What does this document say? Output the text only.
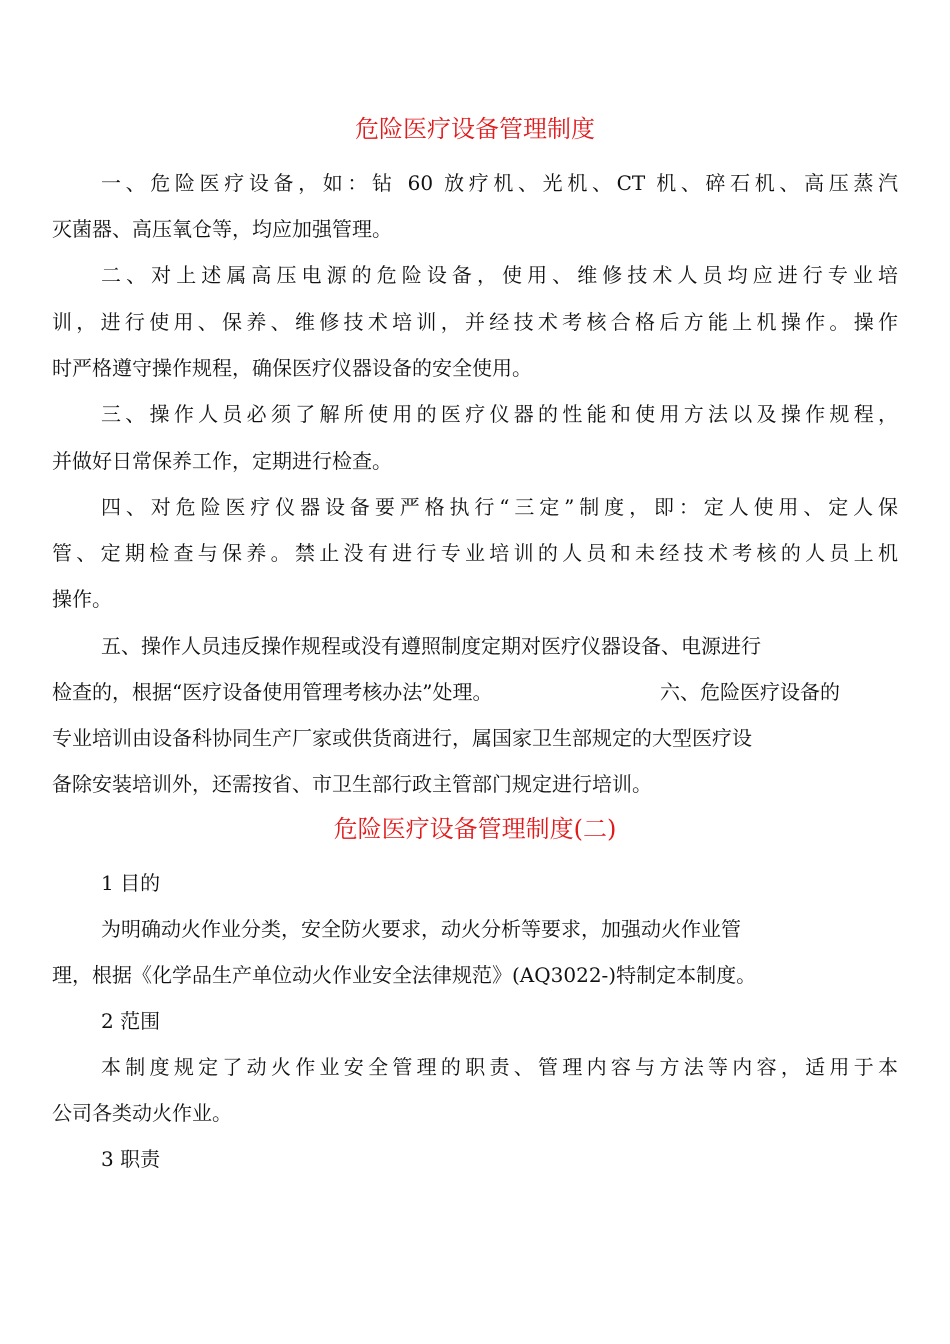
危险医疗设备管理制度
一、危险医疗设备，如：钻 60 放疗机、光机、CT 机、碎石机、高压蒸汽
灭菌器、高压氧仓等，均应加强管理。
二、对上述属高压电源的危险设备，使用、维修技术人员均应进行专业培
训，进行使用、保养、维修技术培训，并经技术考核合格后方能上机操作。操作
时严格遵守操作规程，确保医疗仪器设备的安全使用。
三、操作人员必须了解所使用的医疗仪器的性能和使用方法以及操作规程，
并做好日常保养工作，定期进行检查。
四、对危险医疗仪器设备要严格执行“三定”制度，即：定人使用、定人保
管、定期检查与保养。禁止没有进行专业培训的人员和未经技术考核的人员上机
操作。
五、操作人员违反操作规程或没有遵照制度定期对医疗仪器设备、电源进行
检查的，根据“医疗设备使用管理考核办法”处理。	六、危险医疗设备的
专业培训由设备科协同生产厂家或供货商进行，属国家卫生部规定的大型医疗设
备除安装培训外，还需按省、市卫生部行政主管部门规定进行培训。
危险医疗设备管理制度(二)
1 目的
为明确动火作业分类，安全防火要求，动火分析等要求，加强动火作业管
理，根据《化学品生产单位动火作业安全法律规范》(AQ3022-)特制定本制度。
2 范围
本制度规定了动火作业安全管理的职责、管理内容与方法等内容，适用于本
公司各类动火作业。
3 职责
